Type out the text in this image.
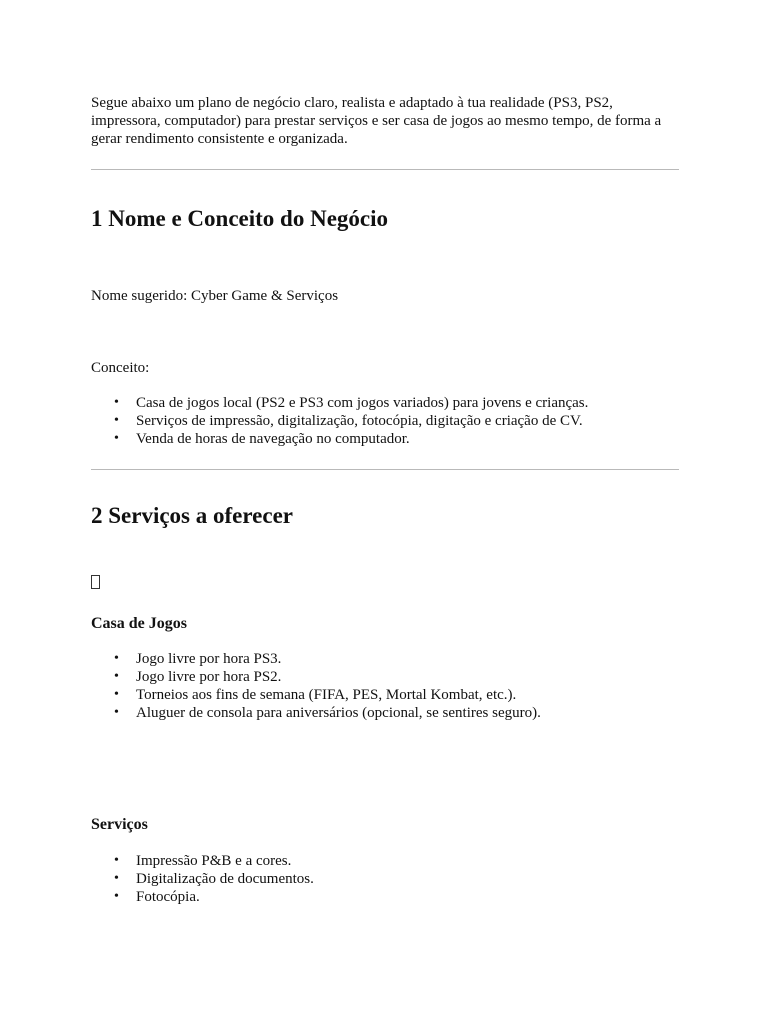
Segue abaixo um plano de negócio claro, realista e adaptado à tua realidade (PS3, PS2, impressora, computador) para prestar serviços e ser casa de jogos ao mesmo tempo, de forma a gerar rendimento consistente e organizada.

1 Nome e Conceito do Negócio

Nome sugerido: Cyber Game & Serviços

Conceito:

• Casa de jogos local (PS2 e PS3 com jogos variados) para jovens e crianças.
• Serviços de impressão, digitalização, fotocópia, digitação e criação de CV.
• Venda de horas de navegação no computador.
2 Serviços a oferecer
Casa de Jogos
• Jogo livre por hora PS3.
• Jogo livre por hora PS2.
• Torneios aos fins de semana (FIFA, PES, Mortal Kombat, etc.).
• Aluguer de consola para aniversários (opcional, se sentires seguro).
Serviços
• Impressão P&B e a cores.
• Digitalização de documentos.
• Fotocópia.
